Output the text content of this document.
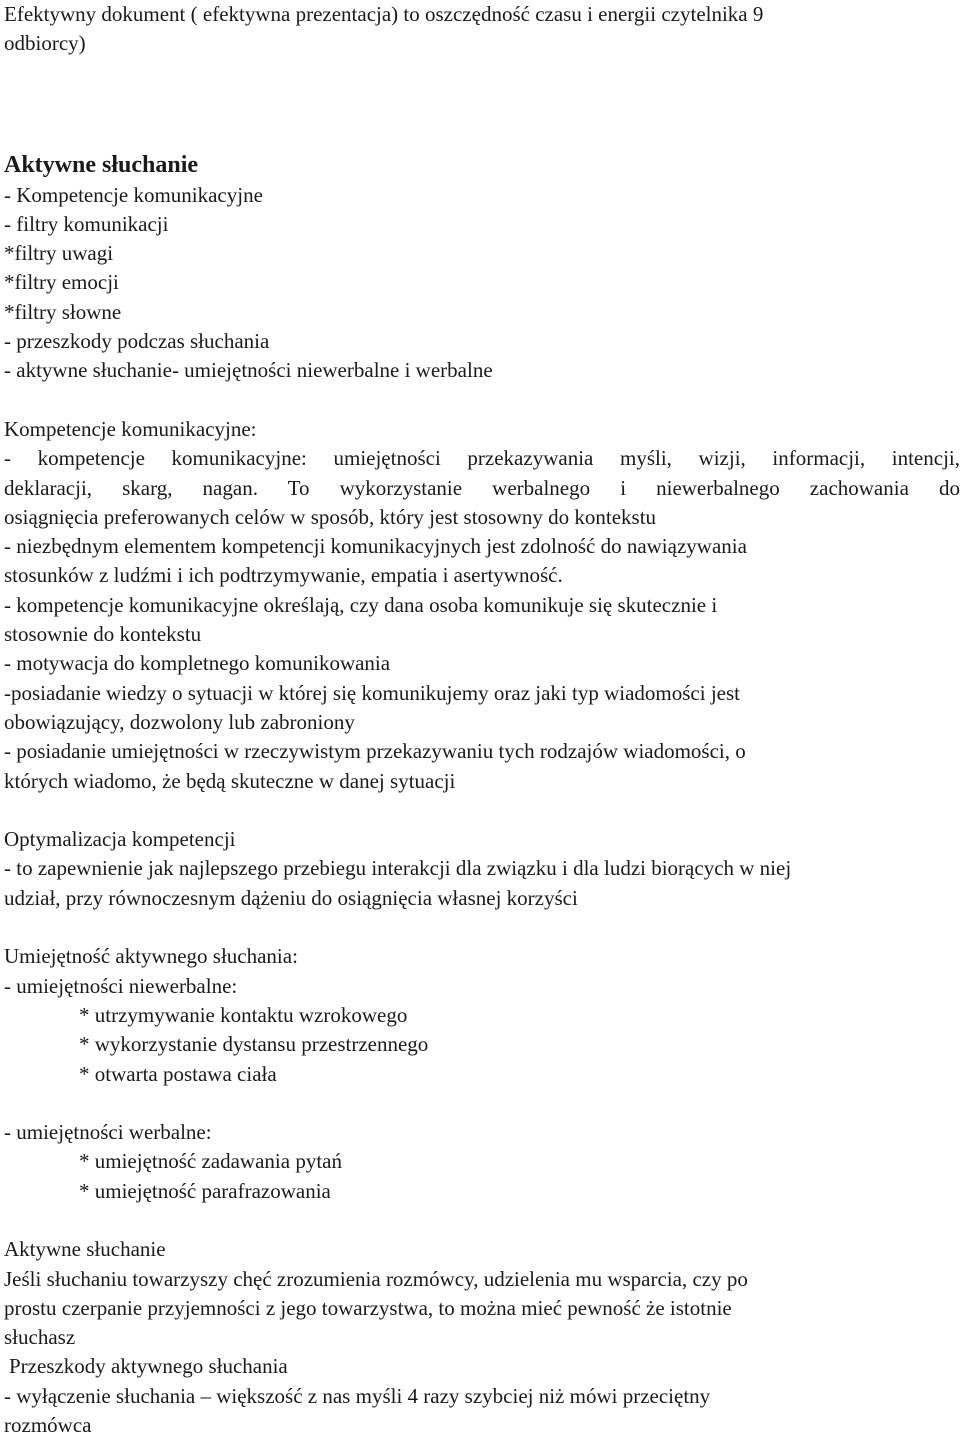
Efektywny dokument ( efektywna prezentacja) to oszczędność czasu i energii czytelnika 9
odbiorcy)
Aktywne słuchanie
- Kompetencje komunikacyjne
- filtry komunikacji
*filtry uwagi
*filtry emocji
*filtry słowne
- przeszkody podczas słuchania
- aktywne słuchanie- umiejętności niewerbalne i werbalne
Kompetencje komunikacyjne:
- kompetencje komunikacyjne: umiejętności przekazywania myśli, wizji, informacji, intencji,
deklaracji, skarg, nagan. To wykorzystanie werbalnego i niewerbalnego zachowania do
osiągnięcia preferowanych celów w sposób, który jest stosowny do kontekstu
- niezbędnym elementem kompetencji komunikacyjnych jest zdolność do nawiązywania
stosunków z ludźmi i ich podtrzymywanie, empatia i asertywność.
- kompetencje komunikacyjne określają, czy dana osoba komunikuje się skutecznie i
stosownie do kontekstu
- motywacja do kompletnego komunikowania
-posiadanie wiedzy o sytuacji w której się komunikujemy oraz jaki typ wiadomości jest
obowiązujący, dozwolony lub zabroniony
- posiadanie umiejętności w rzeczywistym przekazywaniu tych rodzajów wiadomości, o
których wiadomo, że będą skuteczne w danej sytuacji
Optymalizacja kompetencji
- to zapewnienie jak najlepszego przebiegu interakcji dla związku i dla ludzi biorących w niej
udział, przy równoczesnym dążeniu do osiągnięcia własnej korzyści
Umiejętność aktywnego słuchania:
- umiejętności niewerbalne:
* utrzymywanie kontaktu wzrokowego
* wykorzystanie dystansu przestrzennego
* otwarta postawa ciała
- umiejętności werbalne:
* umiejętność zadawania pytań
* umiejętność parafrazowania
Aktywne słuchanie
Jeśli słuchaniu towarzyszy chęć zrozumienia rozmówcy, udzielenia mu wsparcia, czy po
prostu czerpanie przyjemności z jego towarzystwa, to można mieć pewność że istotnie
słuchasz
Przeszkody aktywnego słuchania
- wyłączenie słuchania – większość z nas myśli 4 razy szybciej niż mówi przeciętny
rozmówca
